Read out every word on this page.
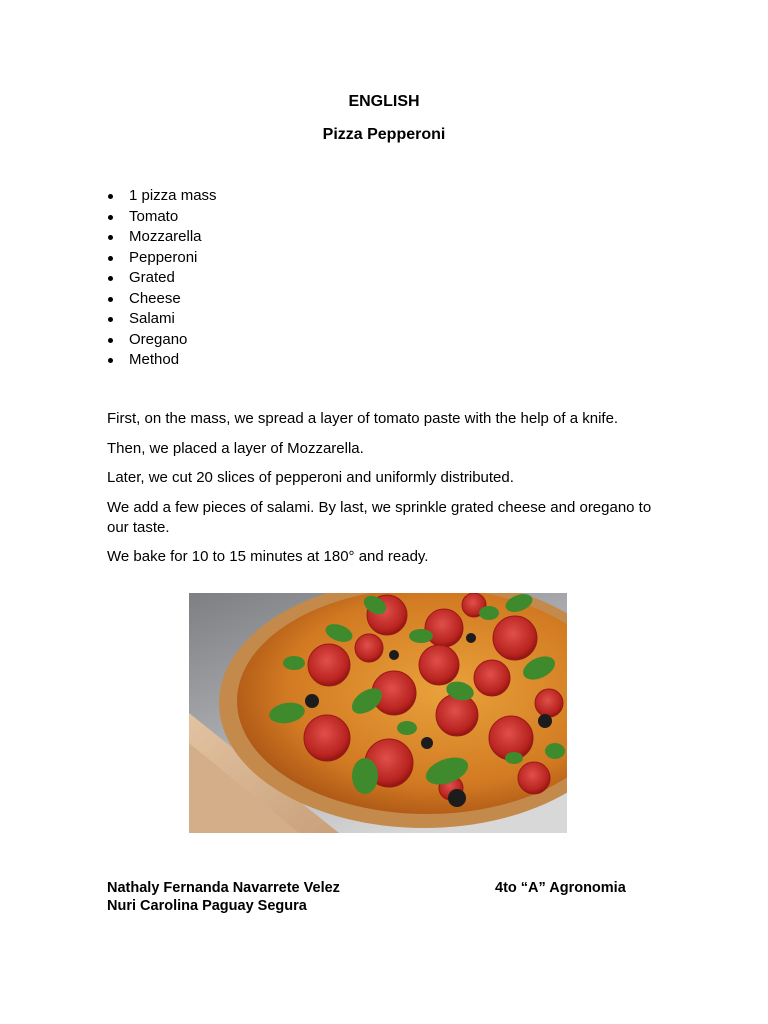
ENGLISH
Pizza Pepperoni
1 pizza mass
Tomato
Mozzarella
Pepperoni
Grated
Cheese
Salami
Oregano
Method

First, on the mass, we spread a layer of tomato paste with the help of a knife.

Then, we placed a layer of Mozzarella.

Later, we cut 20 slices of pepperoni and uniformly distributed.

We add a few pieces of salami. By last, we sprinkle grated cheese and oregano to our taste.

We bake for 10 to 15 minutes at 180° and ready.

Nathaly Fernanda Navarrete Velez
Nuri Carolina Paguay Segura
4to “A” Agronomia
